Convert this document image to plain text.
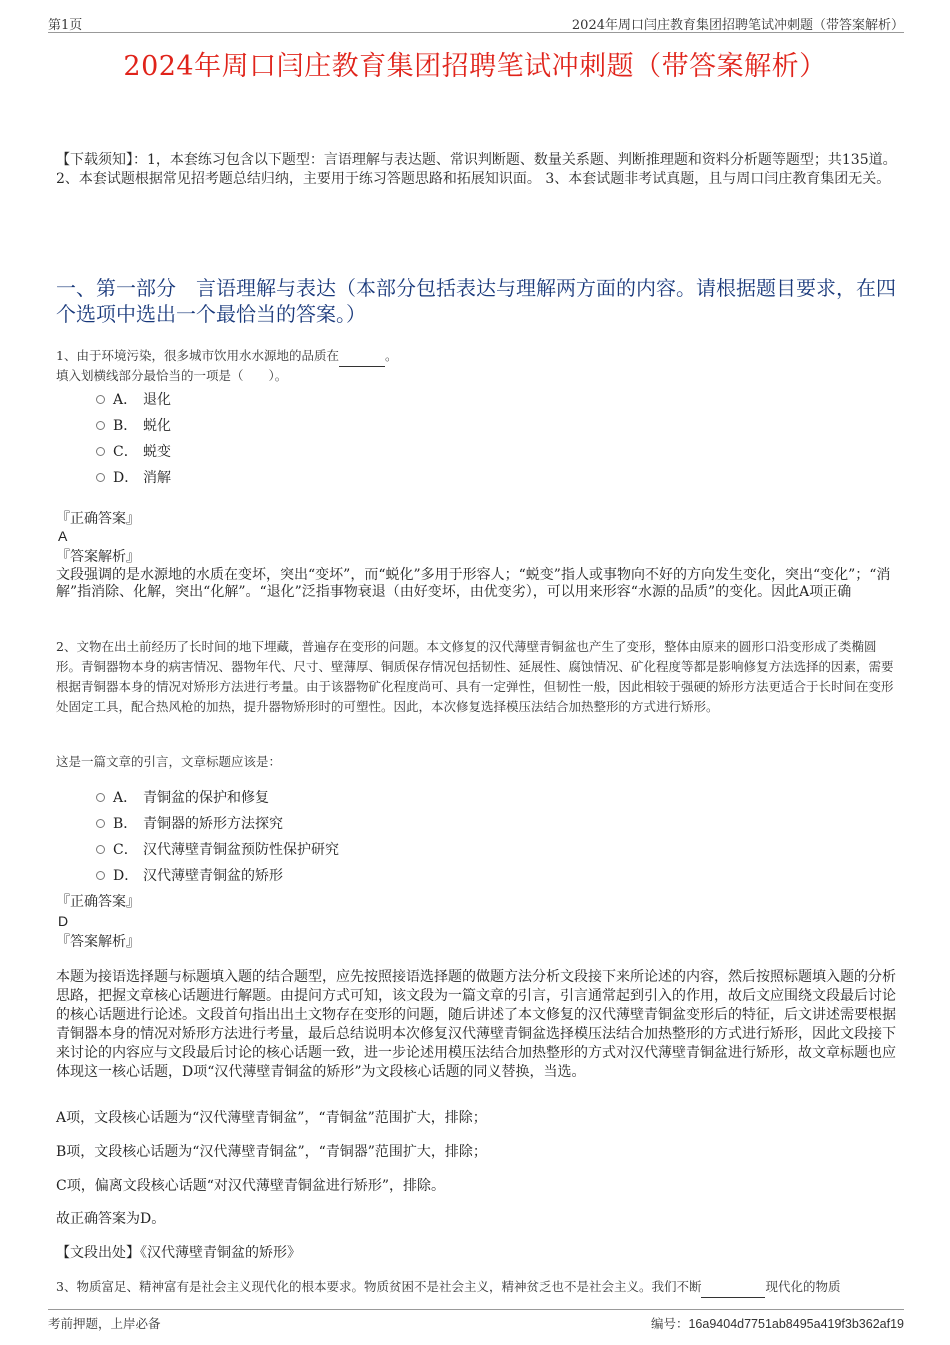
第1页	2024年周口闫庄教育集团招聘笔试冲刺题（带答案解析）
2024年周口闫庄教育集团招聘笔试冲刺题（带答案解析）
【下载须知】：1，本套练习包含以下题型：言语理解与表达题、常识判断题、数量关系题、判断推理题和资料分析题等题型；共135道。 2、本套试题根据常见招考题总结归纳，主要用于练习答题思路和拓展知识面。 3、本套试题非考试真题，且与周口闫庄教育集团无关。
一、第一部分　言语理解与表达（本部分包括表达与理解两方面的内容。请根据题目要求，在四个选项中选出一个最恰当的答案。）
1、由于环境污染，很多城市饮用水水源地的品质在	。
填入划横线部分最恰当的一项是（　　）。
A． 退化
B． 蜕化
C． 蜕变
D． 消解
『正确答案』
A
『答案解析』
文段强调的是水源地的水质在变坏，突出“变坏”，而“蜕化”多用于形容人；“蜕变”指人或事物向不好的方向发生变化，突出“变化”；“消解”指消除、化解，突出“化解”。“退化”泛指事物衰退（由好变坏，由优变劣），可以用来形容“水源的品质”的变化。因此A项正确
2、文物在出土前经历了长时间的地下埋藏，普遍存在变形的问题。本文修复的汉代薄壁青铜盆也产生了变形，整体由原来的圆形口沿变形成了类椭圆形。青铜器物本身的病害情况、器物年代、尺寸、壁薄厚、铜质保存情况包括韧性、延展性、腐蚀情况、矿化程度等都是影响修复方法选择的因素，需要根据青铜器本身的情况对矫形方法进行考量。由于该器物矿化程度尚可、具有一定弹性，但韧性一般，因此相较于强硬的矫形方法更适合于长时间在变形处固定工具，配合热风枪的加热，提升器物矫形时的可塑性。因此，本次修复选择模压法结合加热整形的方式进行矫形。
这是一篇文章的引言，文章标题应该是：
A． 青铜盆的保护和修复
B． 青铜器的矫形方法探究
C． 汉代薄壁青铜盆预防性保护研究
D． 汉代薄壁青铜盆的矫形
『正确答案』
D
『答案解析』
本题为接语选择题与标题填入题的结合题型，应先按照接语选择题的做题方法分析文段接下来所论述的内容，然后按照标题填入题的分析思路，把握文章核心话题进行解题。由提问方式可知，该文段为一篇文章的引言，引言通常起到引入的作用，故后文应围绕文段最后讨论的核心话题进行论述。文段首句指出出土文物存在变形的问题，随后讲述了本文修复的汉代薄壁青铜盆变形后的特征，后文讲述需要根据青铜器本身的情况对矫形方法进行考量，最后总结说明本次修复汉代薄壁青铜盆选择模压法结合加热整形的方式进行矫形，因此文段接下来讨论的内容应与文段最后讨论的核心话题一致，进一步论述用模压法结合加热整形的方式对汉代薄壁青铜盆进行矫形，故文章标题也应体现这一核心话题，D项“汉代薄壁青铜盆的矫形”为文段核心话题的同义替换，当选。
A项，文段核心话题为“汉代薄壁青铜盆”，“青铜盆”范围扩大，排除；
B项，文段核心话题为“汉代薄壁青铜盆”，“青铜器”范围扩大，排除；
C项，偏离文段核心话题“对汉代薄壁青铜盆进行矫形”，排除。
故正确答案为D。
【文段出处】《汉代薄壁青铜盆的矫形》
3、物质富足、精神富有是社会主义现代化的根本要求。物质贫困不是社会主义，精神贫乏也不是社会主义。我们不断	现代化的物质
考前押题，上岸必备	编号：16a9404d7751ab8495a419f3b362af19
